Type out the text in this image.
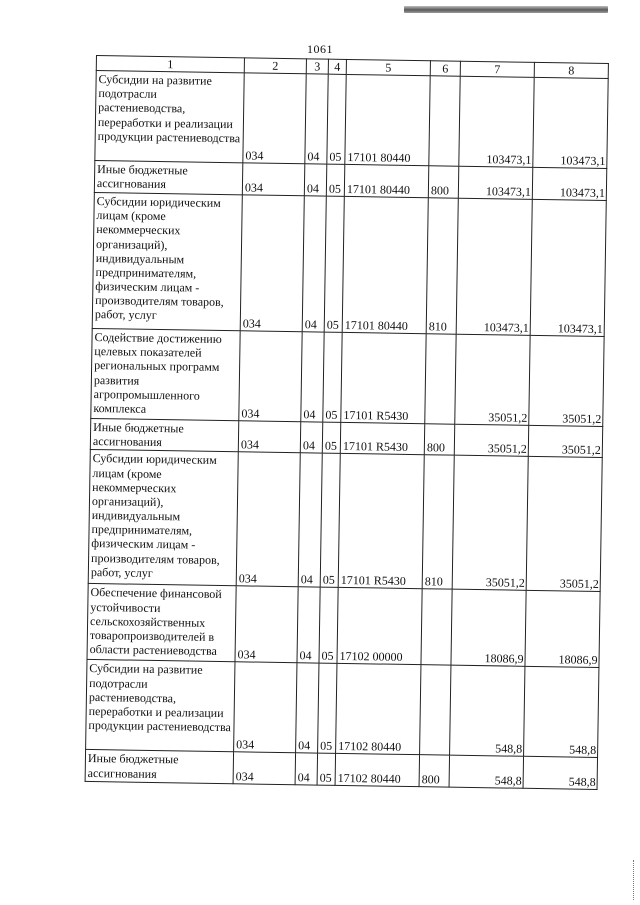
1061
1	2	3	4	5	6	7	8
Субсидии на развитие подотрасли растениеводства, переработки и реализации продукции растениеводства	034	04	05	17101 80440		103473,1	103473,1
Иные бюджетные ассигнования	034	04	05	17101 80440	800	103473,1	103473,1
Субсидии юридическим лицам (кроме некоммерческих организаций), индивидуальным предпринимателям, физическим лицам - производителям товаров, работ, услуг	034	04	05	17101 80440	810	103473,1	103473,1
Содействие достижению целевых показателей региональных программ развития агропромышленного комплекса	034	04	05	17101 R5430		35051,2	35051,2
Иные бюджетные ассигнования	034	04	05	17101 R5430	800	35051,2	35051,2
Субсидии юридическим лицам (кроме некоммерческих организаций), индивидуальным предпринимателям, физическим лицам - производителям товаров, работ, услуг	034	04	05	17101 R5430	810	35051,2	35051,2
Обеспечение финансовой устойчивости сельскохозяйственных товаропроизводителей в области растениеводства	034	04	05	17102 00000		18086,9	18086,9
Субсидии на развитие подотрасли растениеводства, переработки и реализации продукции растениеводства	034	04	05	17102 80440		548,8	548,8
Иные бюджетные ассигнования	034	04	05	17102 80440	800	548,8	548,8
